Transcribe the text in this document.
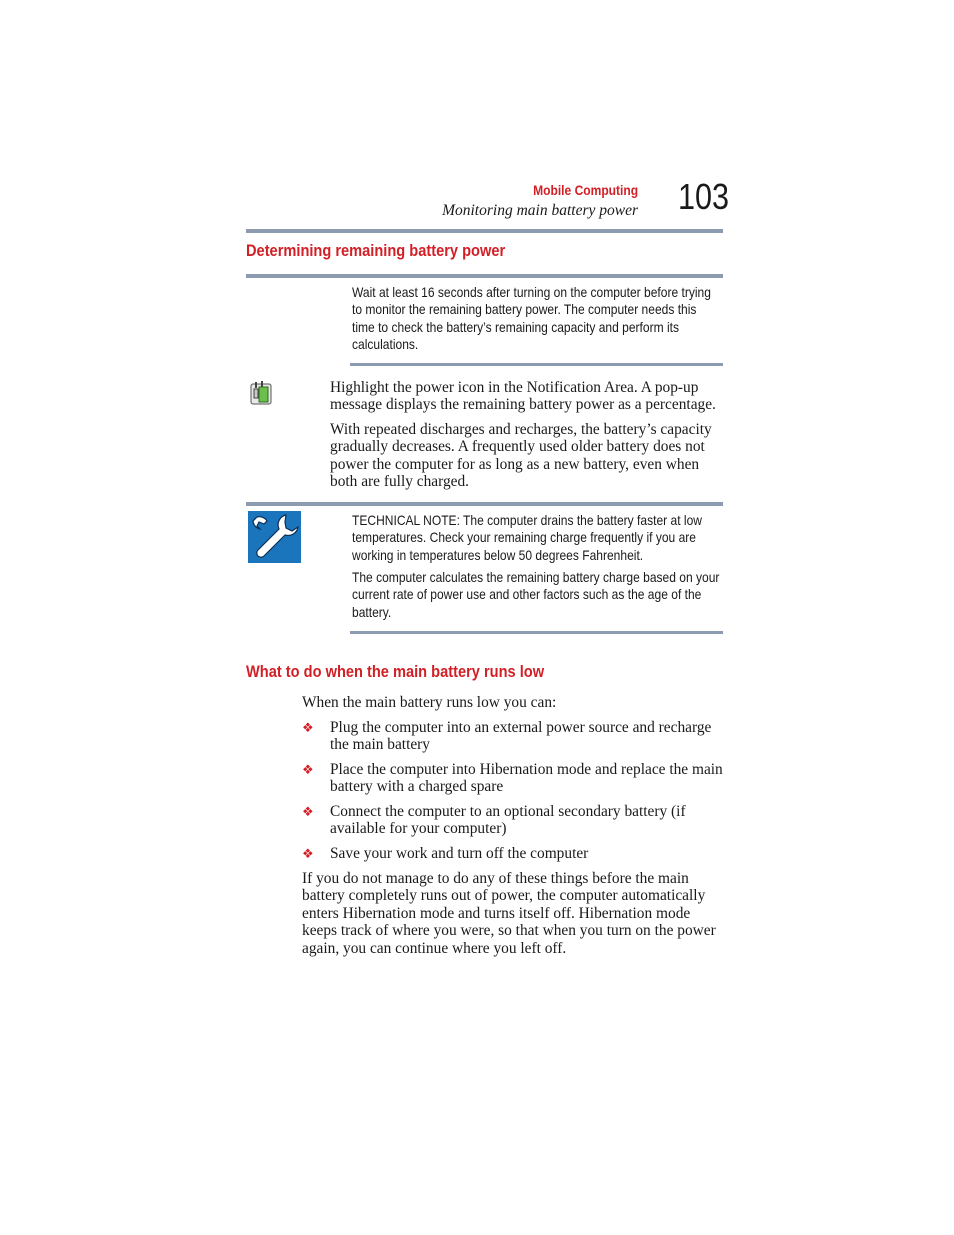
Mobile Computing
Monitoring main battery power 103
Determining remaining battery power
Wait at least 16 seconds after turning on the computer before trying to monitor the remaining battery power. The computer needs this time to check the battery’s remaining capacity and perform its calculations.

Highlight the power icon in the Notification Area. A pop-up message displays the remaining battery power as a percentage.

With repeated discharges and recharges, the battery’s capacity gradually decreases. A frequently used older battery does not power the computer for as long as a new battery, even when both are fully charged.

TECHNICAL NOTE: The computer drains the battery faster at low temperatures. Check your remaining charge frequently if you are working in temperatures below 50 degrees Fahrenheit.
The computer calculates the remaining battery charge based on your current rate of power use and other factors such as the age of the battery.
What to do when the main battery runs low

When the main battery runs low you can:

❖ Plug the computer into an external power source and recharge the main battery
❖ Place the computer into Hibernation mode and replace the main battery with a charged spare
❖ Connect the computer to an optional secondary battery (if available for your computer)
❖ Save your work and turn off the computer

If you do not manage to do any of these things before the main battery completely runs out of power, the computer automatically enters Hibernation mode and turns itself off. Hibernation mode keeps track of where you were, so that when you turn on the power again, you can continue where you left off.
